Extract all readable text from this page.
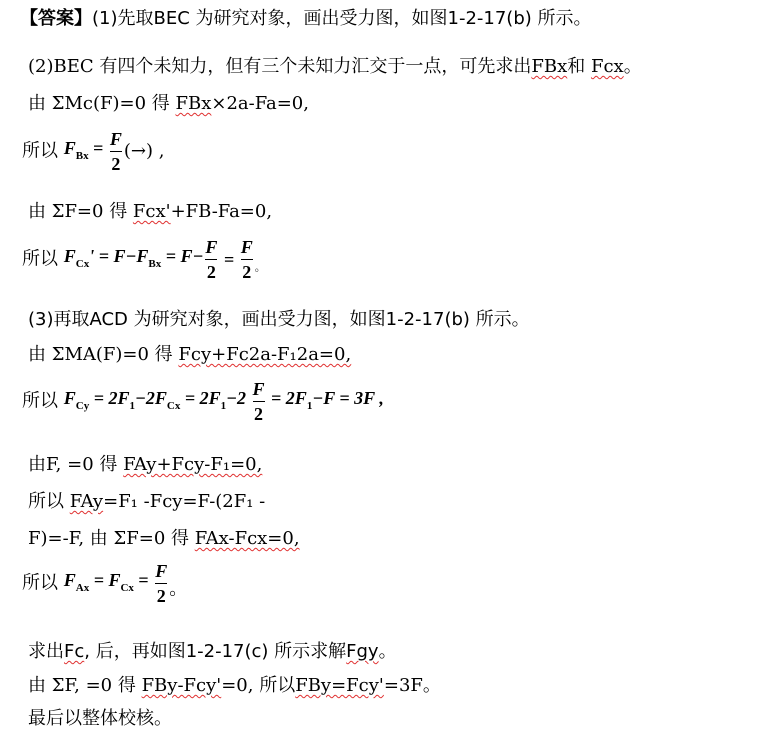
【答案】(1)先取BEC 为研究对象，画出受力图，如图1-2-17(b) 所示。
(2)BEC 有四个未知力，但有三个未知力汇交于一点，可先求出FBx和 Fcx。
由 ΣMc(F)=0 得 FBx×2a-Fa=0,
所以 $F_{Bx} = \frac{F}{2}$ (→) ,
由 ΣF=0 得 Fcx'+FB-Fa=0,
所以 $F_{Cx}' = F-F_{Bx} = F- \frac{F}{2} = \frac{F}{2} _。$
(3)再取ACD 为研究对象，画出受力图，如图1-2-17(b) 所示。
由 ΣMA(F)=0 得 Fcy+Fc2a-F₁2a=0,
所以 $F_{Cy} = 2F_1-2F_{Cx} = 2F_1-2 \frac{F}{2} = 2F_1-F = 3F$ ,
由F, =0 得 FAy+Fcy-F₁=0,
所以 FAy=F₁ -Fcy=F-(2F₁ -
F)=-F, 由 ΣF=0 得 FAx-Fcx=0,
所以 $F_{Ax} = F_{Cx} = \frac{F}{2}$ 。
求出Fc, 后，再如图1-2-17(c) 所示求解Fgy。
由 ΣF, =0 得 FBy-Fcy'=0, 所以FBy=Fcy'=3F。
最后以整体校核。
